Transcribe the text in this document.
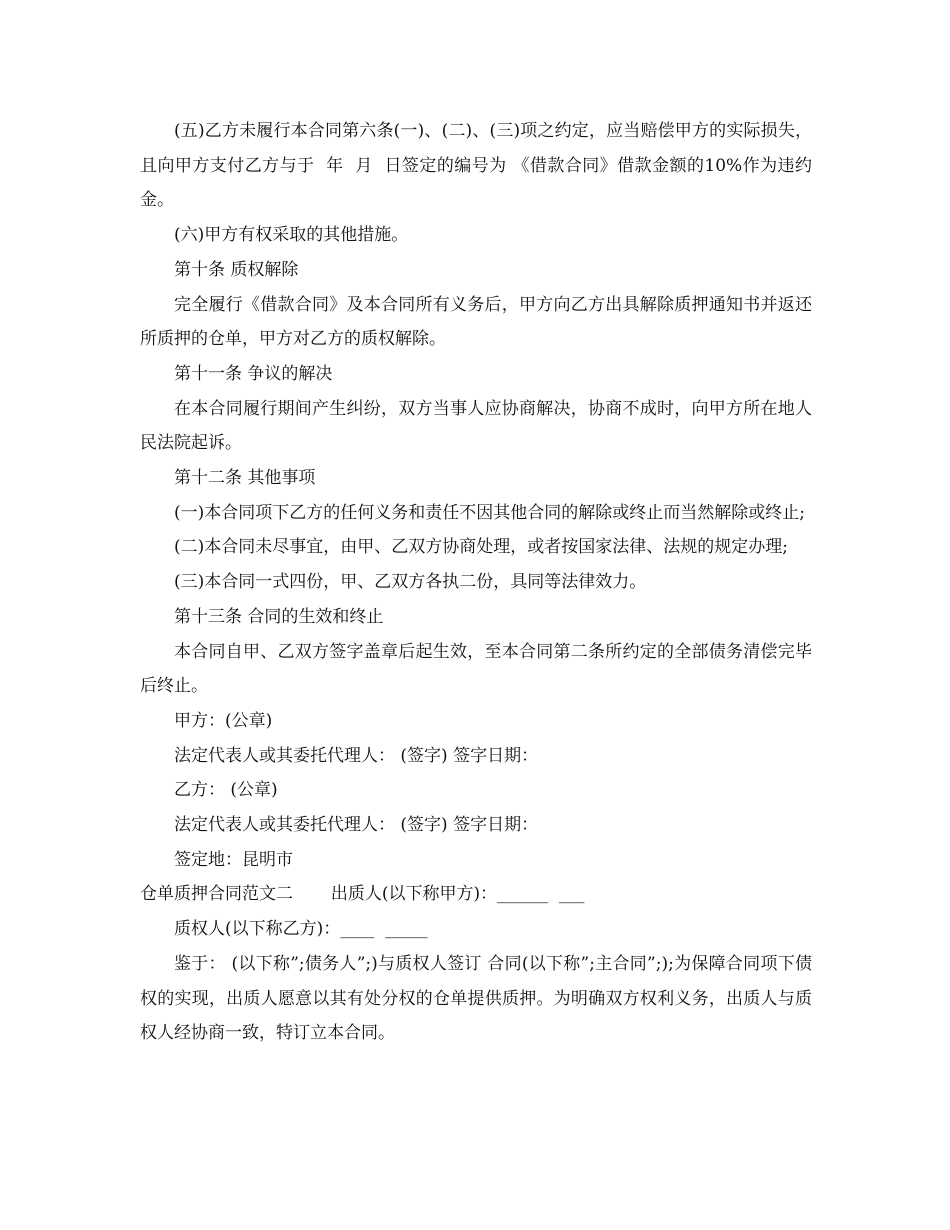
(五)乙方未履行本合同第六条(一)、(二)、(三)项之约定，应当赔偿甲方的实际损失，且向甲方支付乙方与于  年  月  日签定的编号为 《借款合同》借款金额的10%作为违约金。

(六)甲方有权采取的其他措施。

第十条 质权解除

完全履行《借款合同》及本合同所有义务后，甲方向乙方出具解除质押通知书并返还所质押的仓单，甲方对乙方的质权解除。

第十一条 争议的解决

在本合同履行期间产生纠纷，双方当事人应协商解决，协商不成时，向甲方所在地人民法院起诉。

第十二条 其他事项

(一)本合同项下乙方的任何义务和责任不因其他合同的解除或终止而当然解除或终止;

(二)本合同未尽事宜，由甲、乙双方协商处理，或者按国家法律、法规的规定办理;

(三)本合同一式四份，甲、乙双方各执二份，具同等法律效力。

第十三条 合同的生效和终止

本合同自甲、乙双方签字盖章后起生效，至本合同第二条所约定的全部债务清偿完毕后终止。

甲方：(公章)

法定代表人或其委托代理人： (签字) 签字日期：

乙方： (公章)

法定代表人或其委托代理人： (签字) 签字日期：

签定地：昆明市

仓单质押合同范文二       出质人(以下称甲方)：______  ___

质权人(以下称乙方)：____  _____

鉴于： (以下称”;债务人”;)与质权人签订 合同(以下称”;主合同”;);为保障合同项下债权的实现，出质人愿意以其有处分权的仓单提供质押。为明确双方权利义务，出质人与质权人经协商一致，特订立本合同。
